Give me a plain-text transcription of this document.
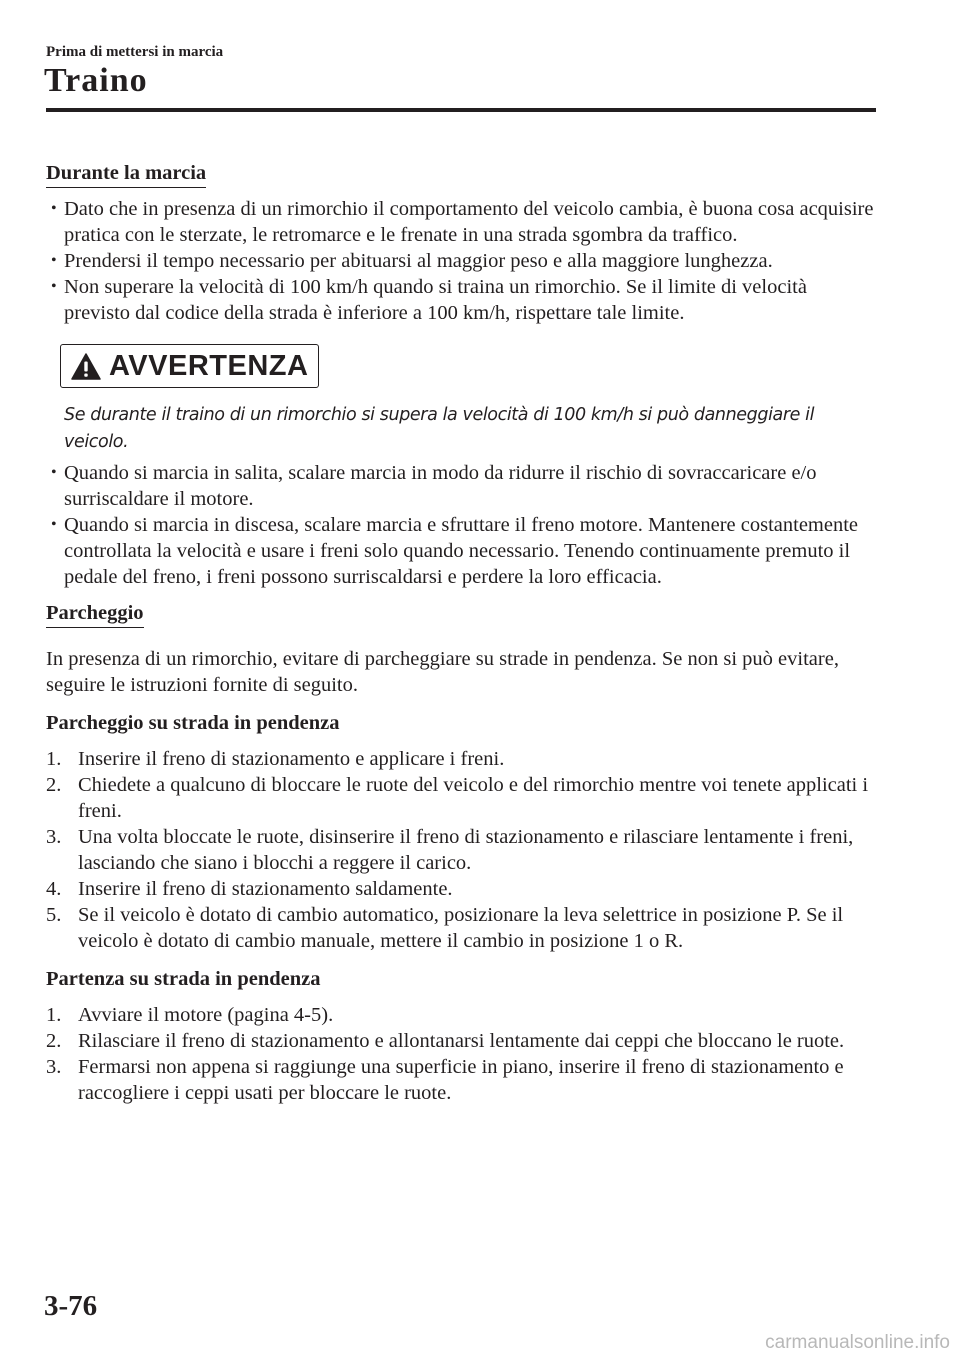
Prima di mettersi in marcia
Traino
Durante la marcia
• Dato che in presenza di un rimorchio il comportamento del veicolo cambia, è buona cosa acquisire pratica con le sterzate, le retromarce e le frenate in una strada sgombra da traffico.
• Prendersi il tempo necessario per abituarsi al maggior peso e alla maggiore lunghezza.
• Non superare la velocità di 100 km/h quando si traina un rimorchio. Se il limite di velocità previsto dal codice della strada è inferiore a 100 km/h, rispettare tale limite.
AVVERTENZA
Se durante il traino di un rimorchio si supera la velocità di 100 km/h si può danneggiare il veicolo.
• Quando si marcia in salita, scalare marcia in modo da ridurre il rischio di sovraccaricare e/o surriscaldare il motore.
• Quando si marcia in discesa, scalare marcia e sfruttare il freno motore. Mantenere costantemente controllata la velocità e usare i freni solo quando necessario. Tenendo continuamente premuto il pedale del freno, i freni possono surriscaldarsi e perdere la loro efficacia.
Parcheggio
In presenza di un rimorchio, evitare di parcheggiare su strade in pendenza. Se non si può evitare, seguire le istruzioni fornite di seguito.
Parcheggio su strada in pendenza
1. Inserire il freno di stazionamento e applicare i freni.
2. Chiedete a qualcuno di bloccare le ruote del veicolo e del rimorchio mentre voi tenete applicati i freni.
3. Una volta bloccate le ruote, disinserire il freno di stazionamento e rilasciare lentamente i freni, lasciando che siano i blocchi a reggere il carico.
4. Inserire il freno di stazionamento saldamente.
5. Se il veicolo è dotato di cambio automatico, posizionare la leva selettrice in posizione P. Se il veicolo è dotato di cambio manuale, mettere il cambio in posizione 1 o R.
Partenza su strada in pendenza
1. Avviare il motore (pagina 4-5).
2. Rilasciare il freno di stazionamento e allontanarsi lentamente dai ceppi che bloccano le ruote.
3. Fermarsi non appena si raggiunge una superficie in piano, inserire il freno di stazionamento e raccogliere i ceppi usati per bloccare le ruote.
3-76
carmanualsonline.info
